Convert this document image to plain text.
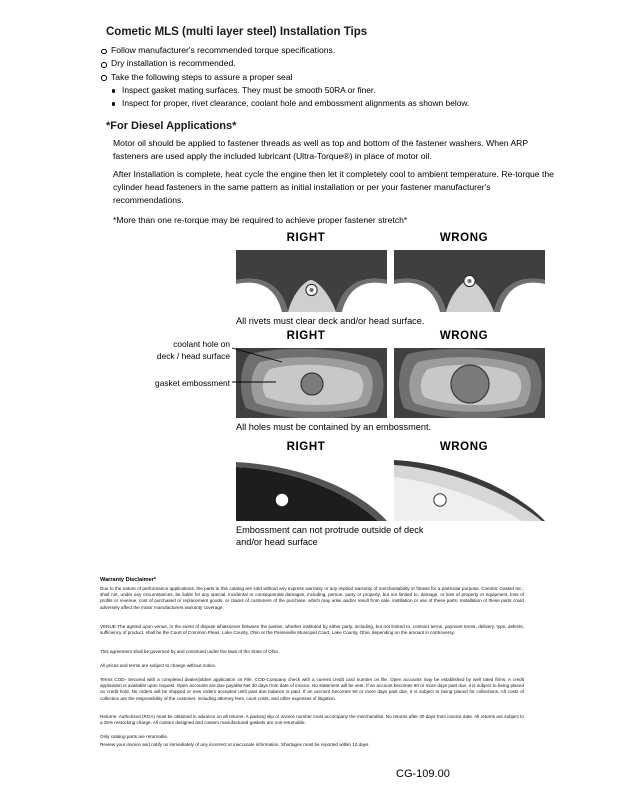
Cometic MLS (multi layer steel) Installation Tips
Follow manufacturer's recommended torque specifications.
Dry installation is recommended.
Take the following steps to assure a proper seal
Inspect gasket mating surfaces. They must be smooth 50RA or finer.
Inspect for proper, rivet clearance, coolant hole and embossment alignments as shown below.
*For Diesel Applications*
Motor oil should be applied to fastener threads as well as top and bottom of the fastener washers. When ARP fasteners are used apply the included lubricant (Ultra-Torque®) in place of motor oil.
After Installation is complete, heat cycle the engine then let it completely cool to ambient temperature. Re-torque the cylinder head fasteners in the same pattern as initial installation or per your fastener manufacturer's recommendations.
*More than one re-torque may be required to achieve proper fastener stretch*
RIGHT	WRONG
All rivets must clear deck and/or head surface.
RIGHT	WRONG
coolant hole on
deck / head surface
gasket embossment
All holes must be contained by an embossment.
RIGHT	WRONG
Embossment can not protrude outside of deck
and/or head surface
Warranty Disclaimer*
Due to the nature of performance applications, the parts in this catalog are sold without any express warranty or any implied warranty of merchantability or fitness for a particular purpose. Cometic Gasket Inc., shall not, under any circumstances, be liable for any special, incidental or consequential damages, including, person, party or property, but not limited to, damage, or loss of property or equipment, loss of profits or revenue, cost of purchased or replacement goods, or claims of customers of the purchase, which may arise and/or result from sale, instillation or use of these parts. Installation of these parts could adversely affect the motor manufacturers warranty coverage.
VENUE-The agreed upon venue, in the event of dispute whatsoever between the parties, whether instituted by either party, including, but not limited to, contract terms, payment terms, delivery, type, defects, sufficiency of product, shall be the Court of Common Pleas, Lake County, Ohio or the Painesville Municipal Court, Lake County, Ohio, depending on the amount in controversy.
This agreement shall be governed by and construed under the laws of the State of Ohio.
All prices and terms are subject to change without notice.
Terms COD- Secured with a completed dealer/jobber application on File, COD-Company check with a current credit card number on file. Open accounts may be established by well rated firms. A credit application is available upon request. Open accounts are due payable Net 30 days from date of invoice. No statement will be sent. If an account becomes 60 or more days past due, it is subject to being placed on credit hold. No orders will be shipped or new orders accepted until past due balance is paid. If an account becomes 90 or more days past due, it is subject to being placed for collections. All costs of collection are the responsibility of the customer, including attorney fees, court costs, and other expenses of litigation.
Returns- Authorized (RGA) must be obtained in advance on all returns. A packing slip or invoice number must accompany the merchandise. No returns after 30 days from invoice date. All returns are subject to a 25% restocking charge. All custom designed and custom manufactured gaskets are non-returnable.
Only catalog parts are returnable.
Review your invoice and notify us immediately of any incorrect or inaccurate information. Shortages must be reported within 10 days.
CG-109.00
